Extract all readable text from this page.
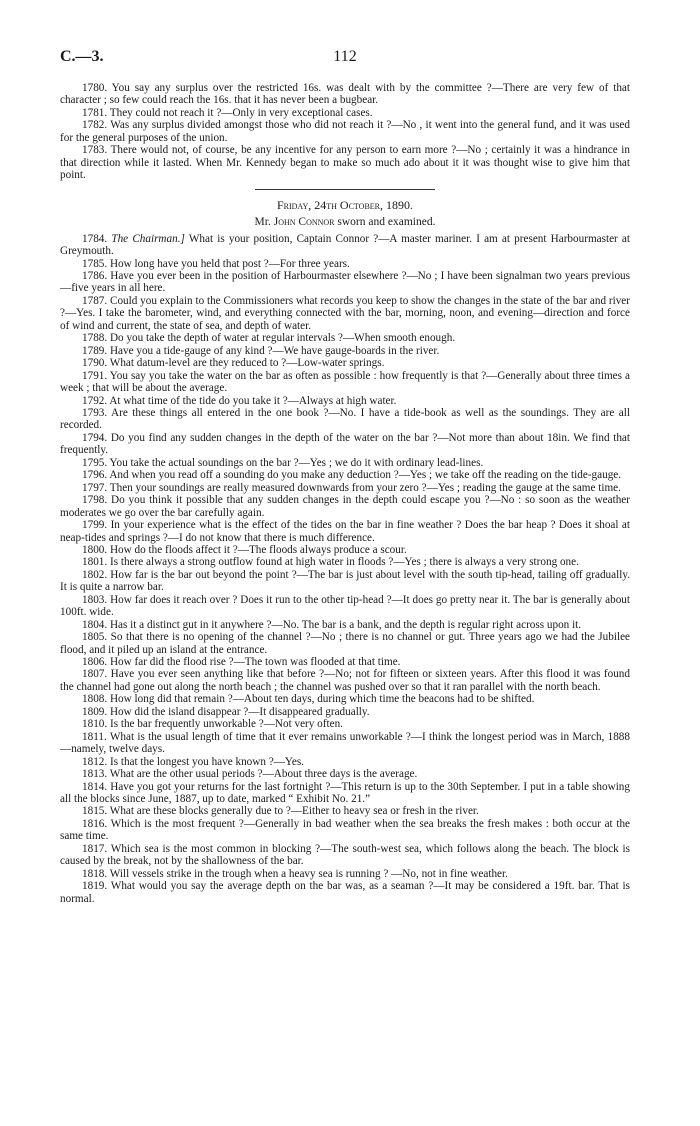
C.—3.	112

1780. You say any surplus over the restricted 16s. was dealt with by the committee ?—There are very few of that character ; so few could reach the 16s. that it has never been a bugbear.

1781. They could not reach it ?—Only in very exceptional cases.

1782. Was any surplus divided amongst those who did not reach it ?—No , it went into the general fund, and it was used for the general purposes of the union.

1783. There would not, of course, be any incentive for any person to earn more ?—No ; certainly it was a hindrance in that direction while it lasted. When Mr. Kennedy began to make so much ado about it it was thought wise to give him that point.

Friday, 24th October, 1890.
Mr. John Connor sworn and examined.

1784. The Chairman.] What is your position, Captain Connor ?—A master mariner. I am at present Harbourmaster at Greymouth.

1785. How long have you held that post ?—For three years.

1786. Have you ever been in the position of Harbourmaster elsewhere ?—No ; I have been signalman two years previous—five years in all here.

1787. Could you explain to the Commissioners what records you keep to show the changes in the state of the bar and river ?—Yes. I take the barometer, wind, and everything connected with the bar, morning, noon, and evening—direction and force of wind and current, the state of sea, and depth of water.

1788. Do you take the depth of water at regular intervals ?—When smooth enough.

1789. Have you a tide-gauge of any kind ?—We have gauge-boards in the river.

1790. What datum-level are they reduced to ?—Low-water springs.

1791. You say you take the water on the bar as often as possible : how frequently is that ?—Generally about three times a week ; that will be about the average.

1792. At what time of the tide do you take it ?—Always at high water.

1793. Are these things all entered in the one book ?—No. I have a tide-book as well as the soundings. They are all recorded.

1794. Do you find any sudden changes in the depth of the water on the bar ?—Not more than about 18in. We find that frequently.

1795. You take the actual soundings on the bar ?—Yes ; we do it with ordinary lead-lines.

1796. And when you read off a sounding do you make any deduction ?—Yes ; we take off the reading on the tide-gauge.

1797. Then your soundings are really measured downwards from your zero ?—Yes ; reading the gauge at the same time.

1798. Do you think it possible that any sudden changes in the depth could escape you ?—No : so soon as the weather moderates we go over the bar carefully again.

1799. In your experience what is the effect of the tides on the bar in fine weather ? Does the bar heap ? Does it shoal at neap-tides and springs ?—I do not know that there is much difference.

1800. How do the floods affect it ?—The floods always produce a scour.

1801. Is there always a strong outflow found at high water in floods ?—Yes ; there is always a very strong one.

1802. How far is the bar out beyond the point ?—The bar is just about level with the south tip-head, tailing off gradually. It is quite a narrow bar.

1803. How far does it reach over ? Does it run to the other tip-head ?—It does go pretty near it. The bar is generally about 100ft. wide.

1804. Has it a distinct gut in it anywhere ?—No. The bar is a bank, and the depth is regular right across upon it.

1805. So that there is no opening of the channel ?—No ; there is no channel or gut. Three years ago we had the Jubilee flood, and it piled up an island at the entrance.

1806. How far did the flood rise ?—The town was flooded at that time.

1807. Have you ever seen anything like that before ?—No; not for fifteen or sixteen years. After this flood it was found the channel had gone out along the north beach ; the channel was pushed over so that it ran parallel with the north beach.

1808. How long did that remain ?—About ten days, during which time the beacons had to be shifted.

1809. How did the island disappear ?—It disappeared gradually.

1810. Is the bar frequently unworkable ?—Not very often.

1811. What is the usual length of time that it ever remains unworkable ?—I think the longest period was in March, 1888—namely, twelve days.

1812. Is that the longest you have known ?—Yes.

1813. What are the other usual periods ?—About three days is the average.

1814. Have you got your returns for the last fortnight ?—This return is up to the 30th September. I put in a table showing all the blocks since June, 1887, up to date, marked “ Exhibit No. 21.”

1815. What are these blocks generally due to ?—Either to heavy sea or fresh in the river.

1816. Which is the most frequent ?—Generally in bad weather when the sea breaks the fresh makes : both occur at the same time.

1817. Which sea is the most common in blocking ?—The south-west sea, which follows along the beach. The block is caused by the break, not by the shallowness of the bar.

1818. Will vessels strike in the trough when a heavy sea is running ? —No, not in fine weather.

1819. What would you say the average depth on the bar was, as a seaman ?—It may be considered a 19ft. bar. That is normal.
